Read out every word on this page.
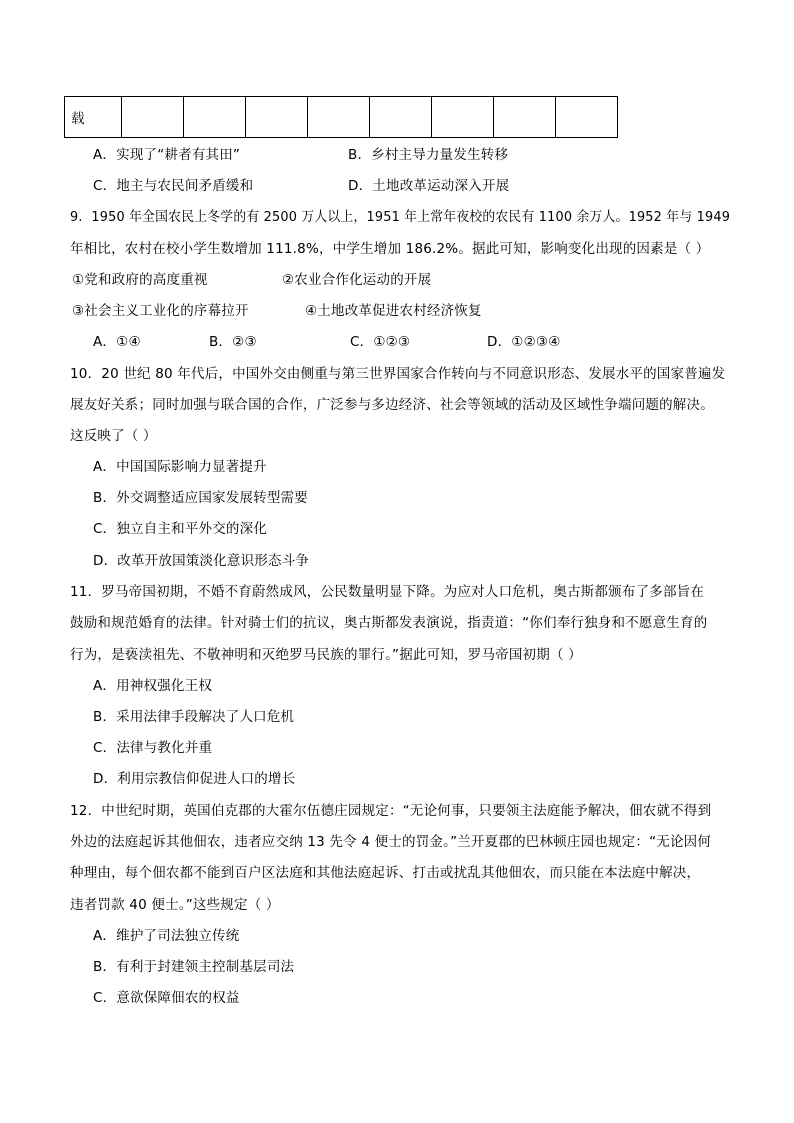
载								
A．实现了“耕者有其田”	B．乡村主导力量发生转移
C．地主与农民间矛盾缓和	D．土地改革运动深入开展
9．1950 年全国农民上冬学的有 2500 万人以上，1951 年上常年夜校的农民有 1100 余万人。1952 年与 1949
年相比，农村在校小学生数增加 111.8%，中学生增加 186.2%。据此可知，影响变化出现的因素是（ ）
①党和政府的高度重视	②农业合作化运动的开展
③社会主义工业化的序幕拉开	④土地改革促进农村经济恢复
A．①④	B．②③	C．①②③	D．①②③④
10．20 世纪 80 年代后，中国外交由侧重与第三世界国家合作转向与不同意识形态、发展水平的国家普遍发
展友好关系；同时加强与联合国的合作，广泛参与多边经济、社会等领域的活动及区域性争端问题的解决。
这反映了（ ）
A．中国国际影响力显著提升
B．外交调整适应国家发展转型需要
C．独立自主和平外交的深化
D．改革开放国策淡化意识形态斗争
11．罗马帝国初期，不婚不育蔚然成风，公民数量明显下降。为应对人口危机，奥古斯都颁布了多部旨在
鼓励和规范婚育的法律。针对骑士们的抗议，奥古斯都发表演说，指责道：“你们奉行独身和不愿意生育的
行为，是亵渎祖先、不敬神明和灭绝罗马民族的罪行。”据此可知，罗马帝国初期（ ）
A．用神权强化王权
B．采用法律手段解决了人口危机
C．法律与教化并重
D．利用宗教信仰促进人口的增长
12．中世纪时期，英国伯克郡的大霍尔伍德庄园规定：“无论何事，只要领主法庭能予解决，佃农就不得到
外边的法庭起诉其他佃农，违者应交纳 13 先令 4 便士的罚金。”兰开夏郡的巴林顿庄园也规定：“无论因何
种理由，每个佃农都不能到百户区法庭和其他法庭起诉、打击或扰乱其他佃农，而只能在本法庭中解决，
违者罚款 40 便士。”这些规定（ ）
A．维护了司法独立传统
B．有利于封建领主控制基层司法
C．意欲保障佃农的权益
